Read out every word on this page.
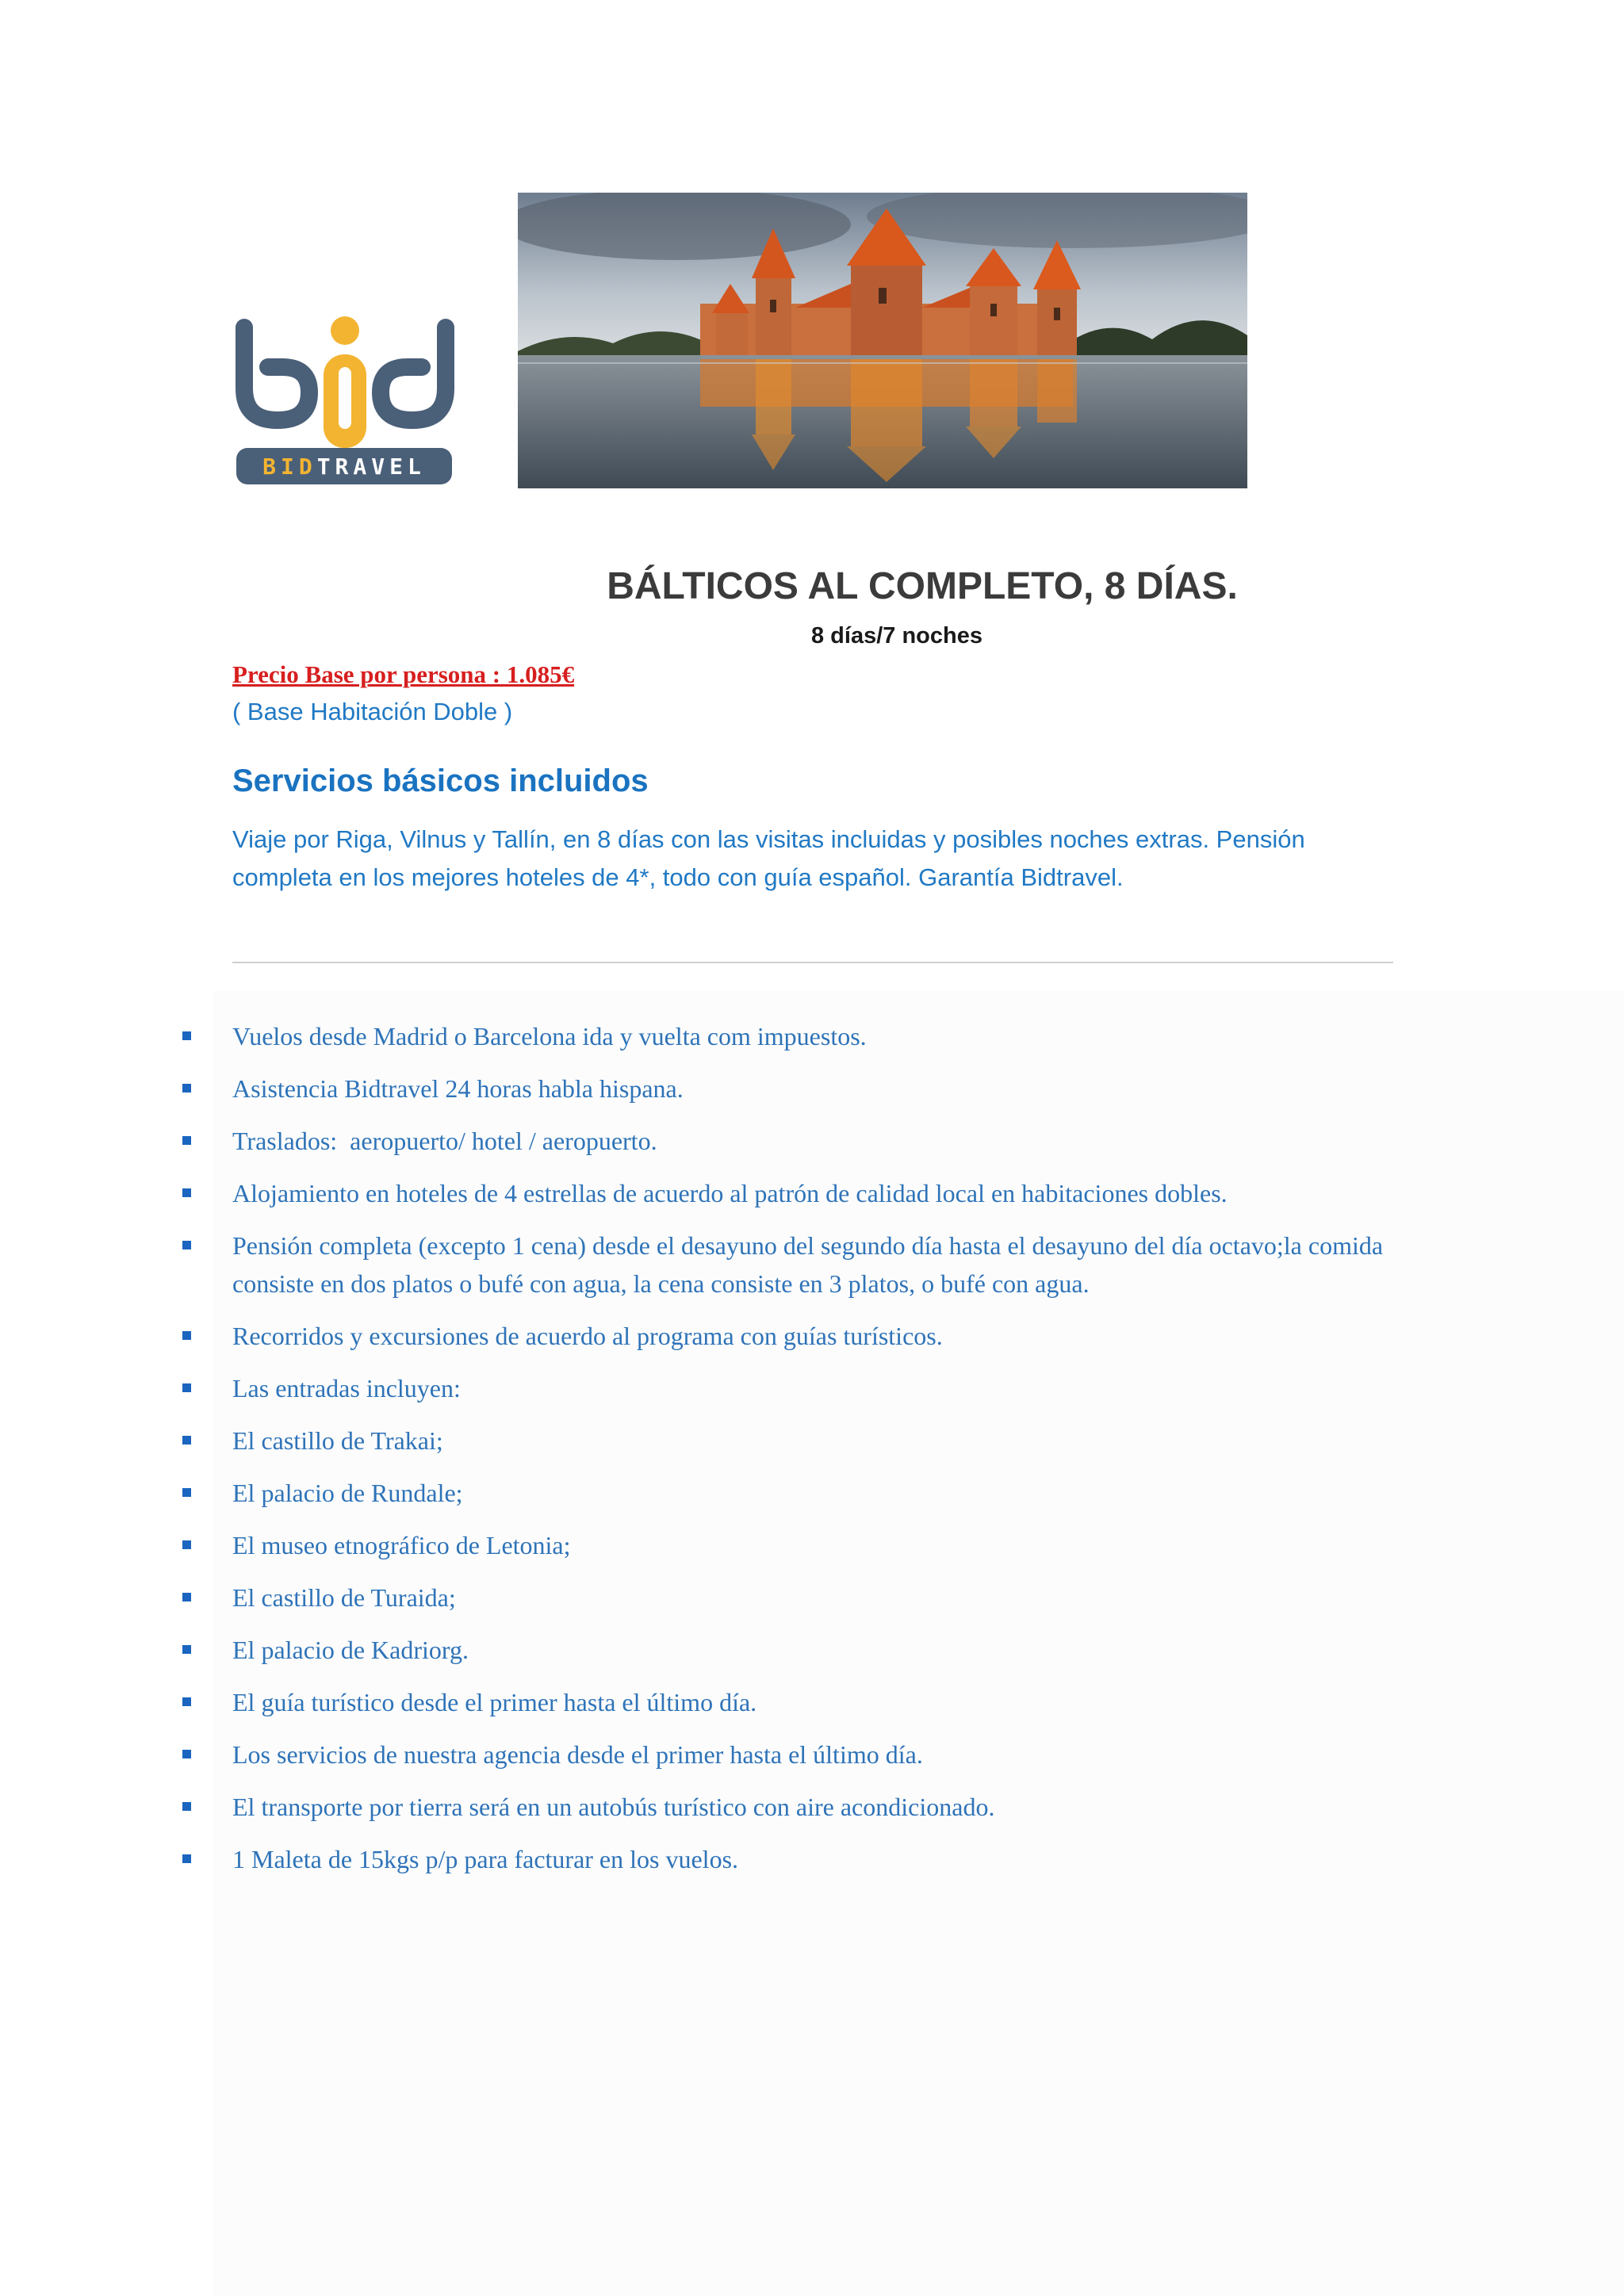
BID TRAVEL
BÁLTICOS AL COMPLETO, 8 DÍAS.
8 días/7 noches
Precio Base por persona : 1.085€
( Base Habitación Doble )
Servicios básicos incluidos
Viaje por Riga, Vilnus y Tallín, en 8 días con las visitas incluidas y posibles noches extras. Pensión completa en los mejores hoteles de 4*, todo con guía español. Garantía Bidtravel.
Vuelos desde Madrid o Barcelona ida y vuelta com impuestos.
Asistencia Bidtravel 24 horas habla hispana.
Traslados:  aeropuerto/ hotel / aeropuerto.
Alojamiento en hoteles de 4 estrellas de acuerdo al patrón de calidad local en habitaciones dobles.
Pensión completa (excepto 1 cena) desde el desayuno del segundo día hasta el desayuno del día octavo;la comida consiste en dos platos o bufé con agua, la cena consiste en 3 platos, o bufé con agua.
Recorridos y excursiones de acuerdo al programa con guías turísticos.
Las entradas incluyen:
El castillo de Trakai;
El palacio de Rundale;
El museo etnográfico de Letonia;
El castillo de Turaida;
El palacio de Kadriorg.
El guía turístico desde el primer hasta el último día.
Los servicios de nuestra agencia desde el primer hasta el último día.
El transporte por tierra será en un autobús turístico con aire acondicionado.
1 Maleta de 15kgs p/p para facturar en los vuelos.
